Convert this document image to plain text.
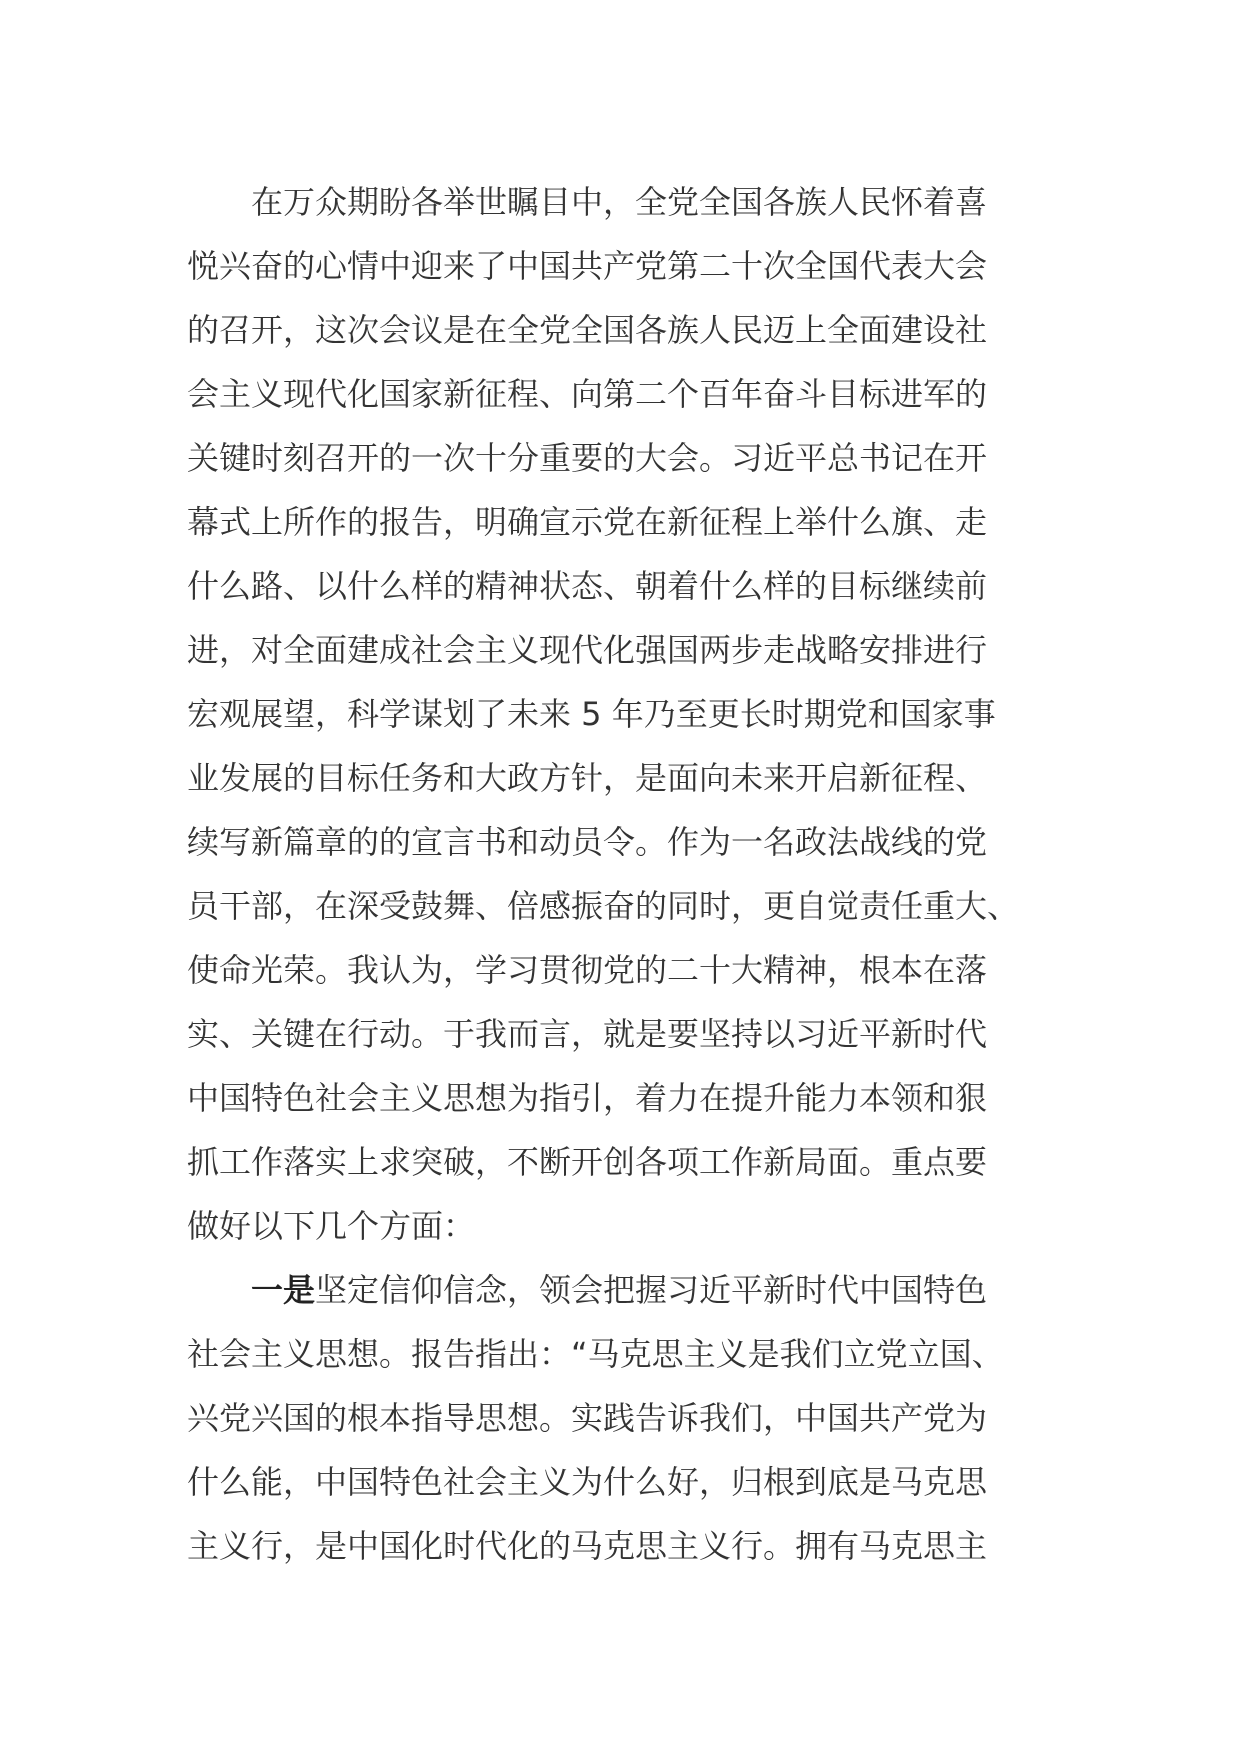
在万众期盼各举世瞩目中，全党全国各族人民怀着喜
悦兴奋的心情中迎来了中国共产党第二十次全国代表大会
的召开，这次会议是在全党全国各族人民迈上全面建设社
会主义现代化国家新征程、向第二个百年奋斗目标进军的
关键时刻召开的一次十分重要的大会。习近平总书记在开
幕式上所作的报告，明确宣示党在新征程上举什么旗、走
什么路、以什么样的精神状态、朝着什么样的目标继续前
进，对全面建成社会主义现代化强国两步走战略安排进行
宏观展望，科学谋划了未来 5 年乃至更长时期党和国家事
业发展的目标任务和大政方针，是面向未来开启新征程、
续写新篇章的的宣言书和动员令。作为一名政法战线的党
员干部，在深受鼓舞、倍感振奋的同时，更自觉责任重大、
使命光荣。我认为，学习贯彻党的二十大精神，根本在落
实、关键在行动。于我而言，就是要坚持以习近平新时代
中国特色社会主义思想为指引，着力在提升能力本领和狠
抓工作落实上求突破，不断开创各项工作新局面。重点要
做好以下几个方面：
一是坚定信仰信念，领会把握习近平新时代中国特色
社会主义思想。报告指出：“马克思主义是我们立党立国、
兴党兴国的根本指导思想。实践告诉我们，中国共产党为
什么能，中国特色社会主义为什么好，归根到底是马克思
主义行，是中国化时代化的马克思主义行。拥有马克思主
